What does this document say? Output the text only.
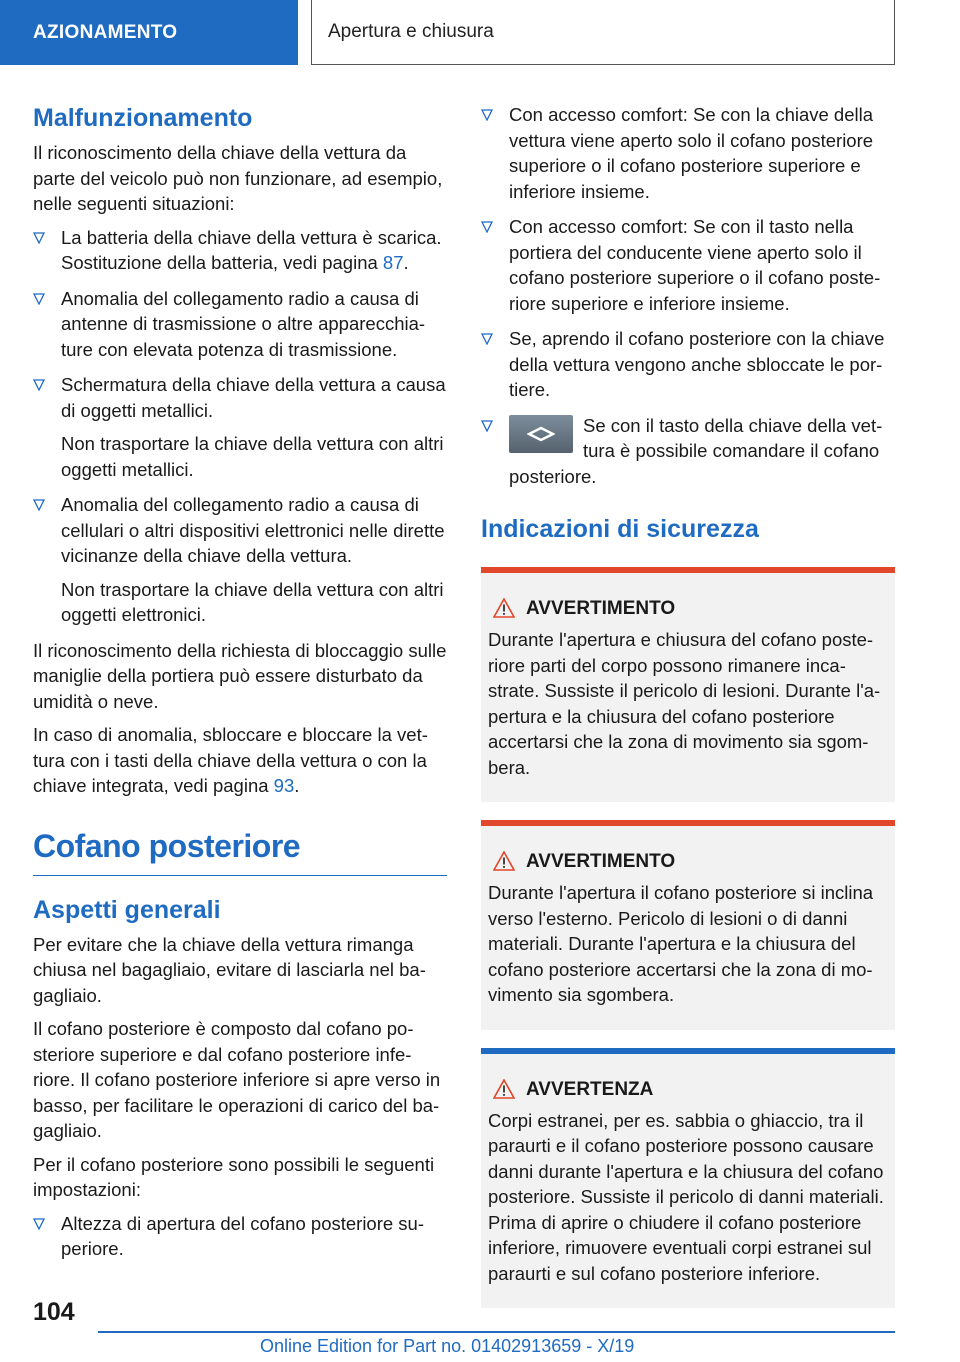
AZIONAMENTO	Apertura e chiusura
Malfunzionamento

Il riconoscimento della chiave della vettura da parte del veicolo può non funzionare, ad esempio, nelle seguenti situazioni:

La batteria della chiave della vettura è scarica. Sostituzione della batteria, vedi pagina 87.
Anomalia del collegamento radio a causa di antenne di trasmissione o altre apparecchiature con elevata potenza di trasmissione.
Schermatura della chiave della vettura a causa di oggetti metallici.
Non trasportare la chiave della vettura con altri oggetti metallici.
Anomalia del collegamento radio a causa di cellulari o altri dispositivi elettronici nelle dirette vicinanze della chiave della vettura.
Non trasportare la chiave della vettura con altri oggetti elettronici.

Il riconoscimento della richiesta di bloccaggio sulle maniglie della portiera può essere disturbato da umidità o neve.

In caso di anomalia, sbloccare e bloccare la vettura con i tasti della chiave della vettura o con la chiave integrata, vedi pagina 93.

Cofano posteriore
Aspetti generali

Per evitare che la chiave della vettura rimanga chiusa nel bagagliaio, evitare di lasciarla nel bagagliaio.

Il cofano posteriore è composto dal cofano posteriore superiore e dal cofano posteriore inferiore. Il cofano posteriore inferiore si apre verso in basso, per facilitare le operazioni di carico del bagagliaio.

Per il cofano posteriore sono possibili le seguenti impostazioni:

Altezza di apertura del cofano posteriore superiore.
Con accesso comfort: Se con la chiave della vettura viene aperto solo il cofano posteriore superiore o il cofano posteriore superiore e inferiore insieme.
Con accesso comfort: Se con il tasto nella portiera del conducente viene aperto solo il cofano posteriore superiore o il cofano posteriore superiore e inferiore insieme.
Se, aprendo il cofano posteriore con la chiave della vettura vengono anche sbloccate le portiere.
Se con il tasto della chiave della vettura è possibile comandare il cofano posteriore.
Indicazioni di sicurezza
AVVERTIMENTO

Durante l'apertura e chiusura del cofano posteriore parti del corpo possono rimanere incastrate. Sussiste il pericolo di lesioni. Durante l'apertura e la chiusura del cofano posteriore accertarsi che la zona di movimento sia sgombera.

AVVERTIMENTO

Durante l'apertura il cofano posteriore si inclina verso l'esterno. Pericolo di lesioni o di danni materiali. Durante l'apertura e la chiusura del cofano posteriore accertarsi che la zona di movimento sia sgombera.

AVVERTENZA

Corpi estranei, per es. sabbia o ghiaccio, tra il paraurti e il cofano posteriore possono causare danni durante l'apertura e la chiusura del cofano posteriore. Sussiste il pericolo di danni materiali. Prima di aprire o chiudere il cofano posteriore inferiore, rimuovere eventuali corpi estranei sul paraurti e sul cofano posteriore inferiore.

104
Online Edition for Part no. 01402913659 - X/19
